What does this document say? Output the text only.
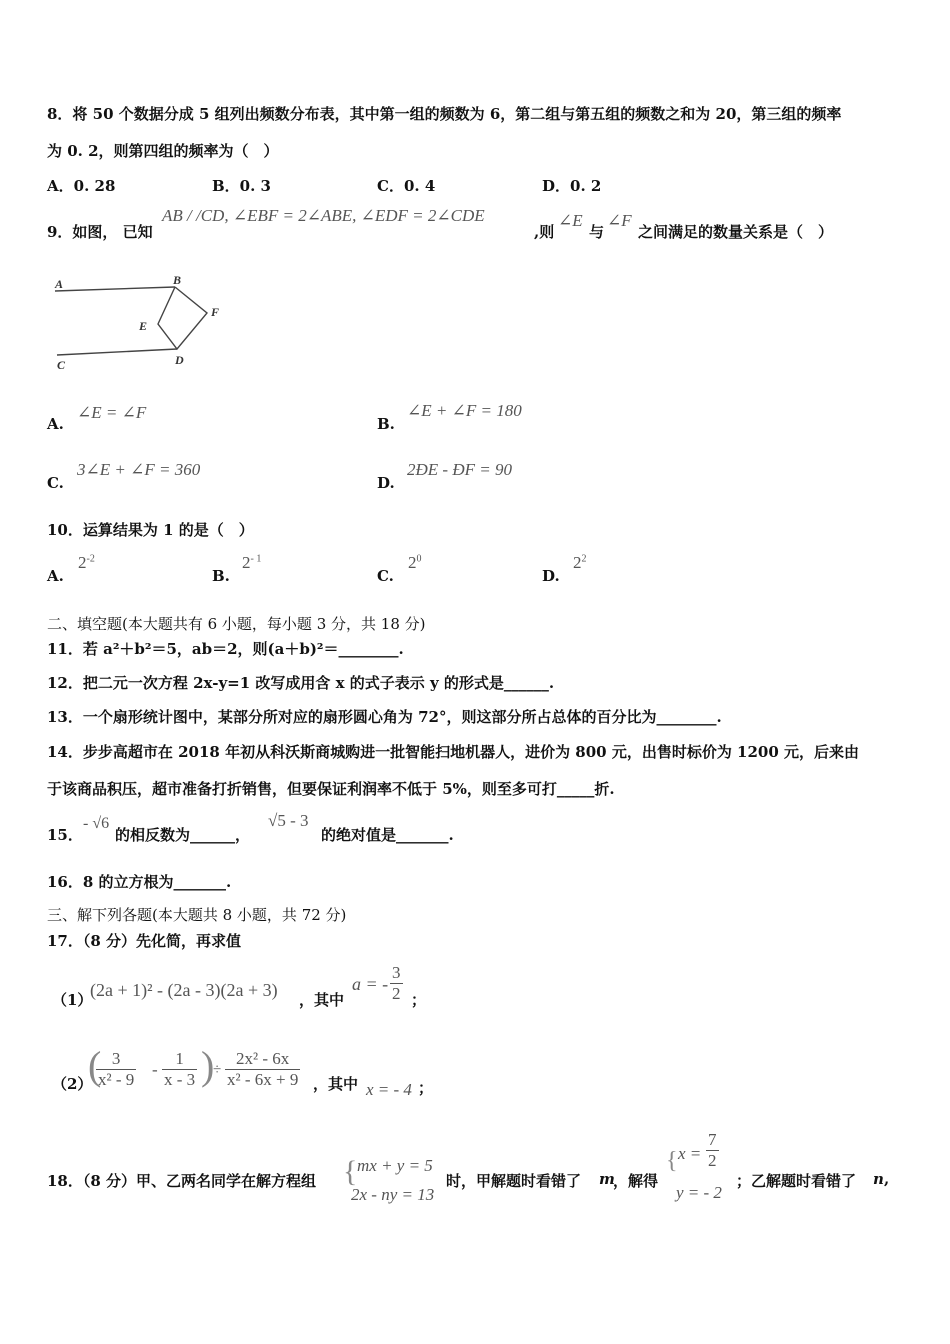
8．将 50 个数据分成 5 组列出频数分布表，其中第一组的频数为 6，第二组与第五组的频数之和为 20，第三组的频率
为 0. 2，则第四组的频率为（　）
A．0. 28	B．0. 3	C．0. 4	D．0. 2
9．如图， 已知
AB / /CD, ∠EBF = 2∠ABE, ∠EDF = 2∠CDE
,则
∠E
与
∠F
之间满足的数量关系是（　）
A	B
C	D
E
F
A.
∠E = ∠F
B.
∠E + ∠F = 180
C.
3∠E + ∠F = 360
D.
2ÐE - ÐF = 90
10．运算结果为 1 的是（　）
A.
$2^{-2}$
B.
$2^{- 1}$
C.
$2^0$
D.
$2^2$
二、填空题(本大题共有 6 小题，每小题 3 分，共 18 分)
11．若 a²＋b²＝5，ab＝2，则(a＋b)²＝________.
12．把二元一次方程 2x-y=1 改写成用含 x 的式子表示 y 的形式是______.
13．一个扇形统计图中，某部分所对应的扇形圆心角为 72°，则这部分所占总体的百分比为________.
14．步步高超市在 2018 年初从科沃斯商城购进一批智能扫地机器人，进价为 800 元，出售时标价为 1200 元，后来由
于该商品积压，超市准备打折销售，但要保证利润率不低于 5%，则至多可打_____折.
15．
- √6
的相反数为______，
√5 - 3
的绝对值是_______.
16．8 的立方根为_______.
三、解下列各题(本大题共 8 小题，共 72 分)
17．（8 分）先化简，再求值
（1）
(2a + 1)² - (2a - 3)(2a + 3) ，其中
a = - $\frac{3}{2}$ ；
（2）
(
$\frac{3}{\text{x² - 9}} - \frac{1}{x - 3}$ )
÷ $\frac{\text{2x² - 6x}}{\text{x² - 6x + 9}}$ ，其中 x = - 4 ；
18．（8 分）甲、乙两名同学在解方程组 { mx + y = 5
2x - ny = 13
时，甲解题时看错了 m
，解得
{ $x = \frac{7}{2}$
y = - 2
；乙解题时看错了 n ,
